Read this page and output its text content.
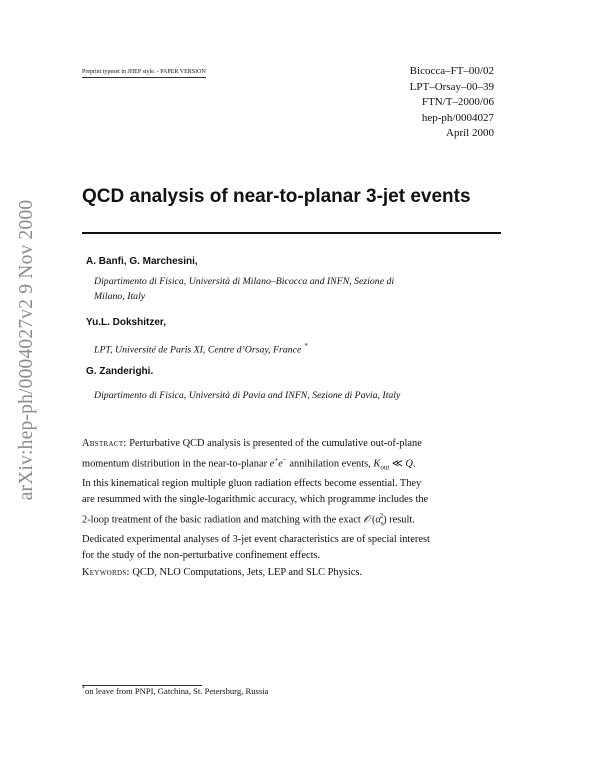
arXiv:hep-ph/0004027v2 9 Nov 2000
Preprint typeset in JHEP style. - PAPER VERSION	Bicocca–FT–00/02
LPT–Orsay–00–39
FTN/T–2000/06
hep-ph/0004027
April 2000
QCD analysis of near-to-planar 3-jet events
A. Banfi, G. Marchesini,
Dipartimento di Fisica, Università di Milano–Bicocca and INFN, Sezione di
Milano, Italy
Yu.L. Dokshitzer,
LPT, Université de Paris XI, Centre d’Orsay, France *
G. Zanderighi.
Dipartimento di Fisica, Università di Pavia and INFN, Sezione di Pavia, Italy
Abstract: Perturbative QCD analysis is presented of the cumulative out-of-plane
momentum distribution in the near-to-planar e+e− annihilation events, $K_{out}$ ≪ Q.
In this kinematical region multiple gluon radiation effects become essential. They
are resummed with the single-logarithmic accuracy, which programme includes the
2-loop treatment of the basic radiation and matching with the exact 𝒪 $(\alpha_s^2)$ result.
Dedicated experimental analyses of 3-jet event characteristics are of special interest
for the study of the non-perturbative confinement effects.
Keywords: QCD, NLO Computations, Jets, LEP and SLC Physics.
*on leave from PNPI, Gatchina, St. Petersburg, Russia
